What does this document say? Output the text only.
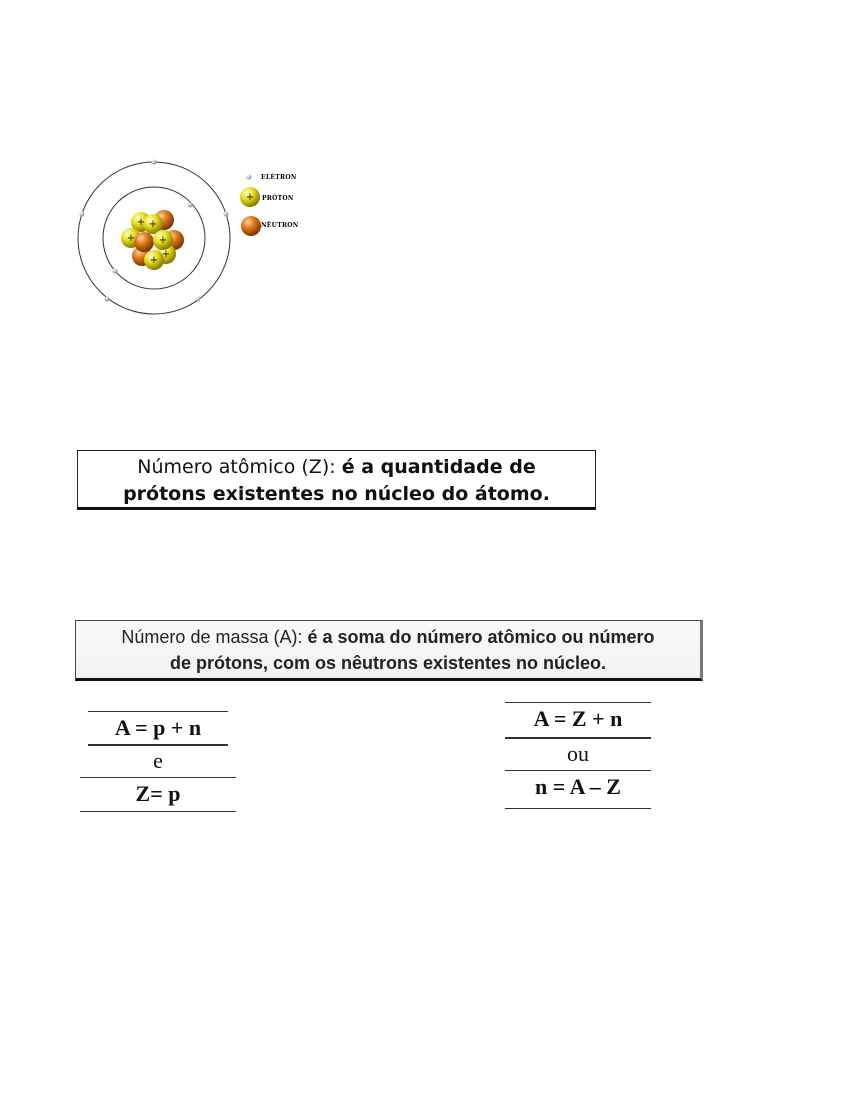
+ +
+ +
+
+
ELÉTRON
+ PRÓTON
NÊUTRON
Número atômico (Z): é a quantidade de
prótons existentes no núcleo do átomo.
Número de massa (A): é a soma do número atômico ou número
de prótons, com os nêutrons existentes no núcleo.
A = p + n
e
Z= p
A = Z + n
ou
n = A – Z
